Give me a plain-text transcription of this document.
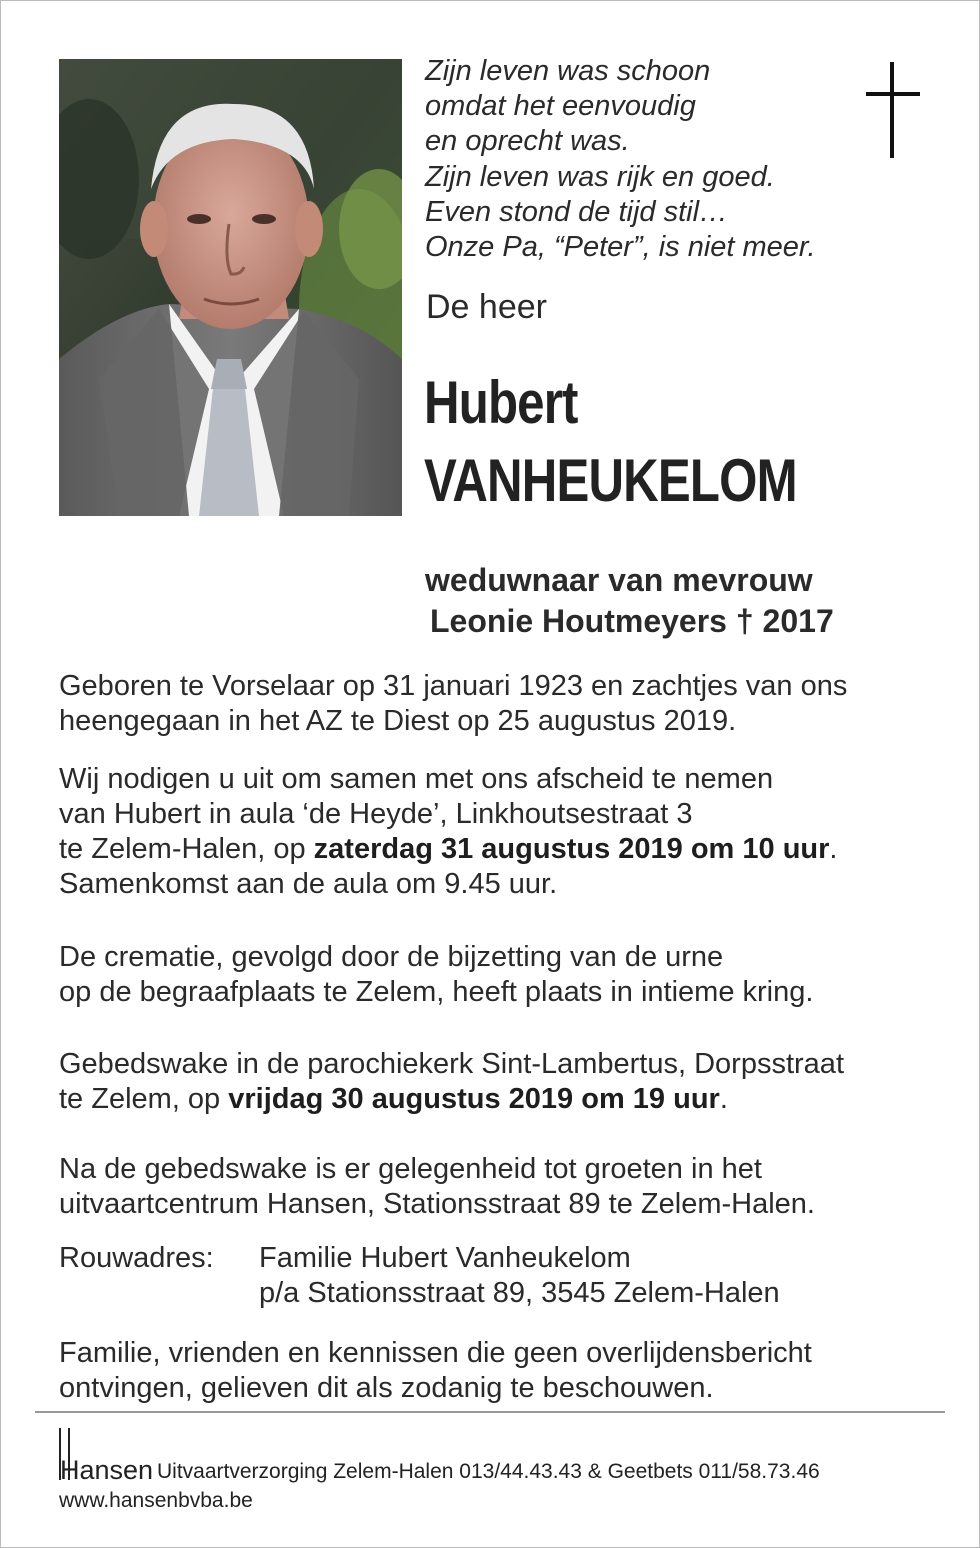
Zijn leven was schoon
omdat het eenvoudig
en oprecht was.
Zijn leven was rijk en goed.
Even stond de tijd stil…
Onze Pa, “Peter”, is niet meer.
De heer
Hubert
VANHEUKELOM
weduwnaar van mevrouw
Leonie Houtmeyers † 2017
Geboren te Vorselaar op 31 januari 1923 en zachtjes van ons
heengegaan in het AZ te Diest op 25 augustus 2019.
Wij nodigen u uit om samen met ons afscheid te nemen
van Hubert in aula ‘de Heyde’, Linkhoutsestraat 3
te Zelem-Halen, op zaterdag 31 augustus 2019 om 10 uur.
Samenkomst aan de aula om 9.45 uur.
De crematie, gevolgd door de bijzetting van de urne
op de begraafplaats te Zelem, heeft plaats in intieme kring.
Gebedswake in de parochiekerk Sint-Lambertus, Dorpsstraat
te Zelem, op vrijdag 30 augustus 2019 om 19 uur.
Na de gebedswake is er gelegenheid tot groeten in het
uitvaartcentrum Hansen, Stationsstraat 89 te Zelem-Halen.
Rouwadres: Familie Hubert Vanheukelom
p/a Stationsstraat 89, 3545 Zelem-Halen
Familie, vrienden en kennissen die geen overlijdensbericht
ontvingen, gelieven dit als zodanig te beschouwen.
Hansen Uitvaartverzorging Zelem-Halen 013/44.43.43 & Geetbets 011/58.73.46
www.hansenbvba.be
